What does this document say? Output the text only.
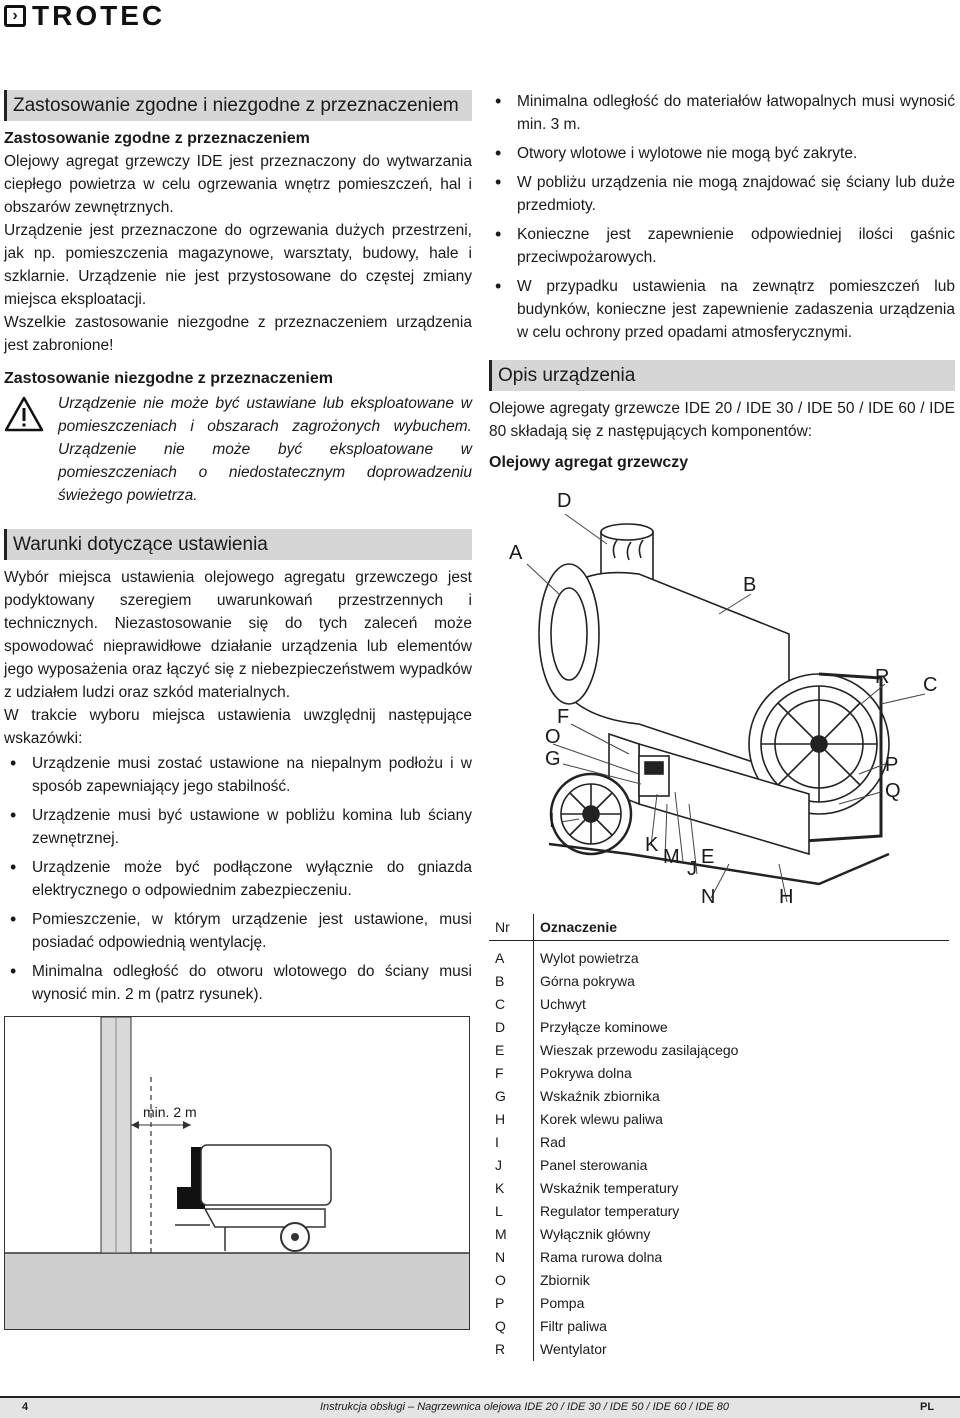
› TROTEC
Zastosowanie zgodne i niezgodne z przeznaczeniem
Zastosowanie zgodne z przeznaczeniem

Olejowy agregat grzewczy IDE jest przeznaczony do wytwarzania ciepłego powietrza w celu ogrzewania wnętrz pomieszczeń, hal i obszarów zewnętrznych.

Urządzenie jest przeznaczone do ogrzewania dużych przestrzeni, jak np. pomieszczenia magazynowe, warsztaty, budowy, hale i szklarnie. Urządzenie nie jest przystosowane do częstej zmiany miejsca eksploatacji.

Wszelkie zastosowanie niezgodne z przeznaczeniem urządzenia jest zabronione!

Zastosowanie niezgodne z przeznaczeniem
Urządzenie nie może być ustawiane lub eksploatowane w pomieszczeniach i obszarach zagrożonych wybuchem. Urządzenie nie może być eksploatowane w pomieszczeniach o niedostatecznym doprowadzeniu świeżego powietrza.
Warunki dotyczące ustawienia

Wybór miejsca ustawienia olejowego agregatu grzewczego jest podyktowany szeregiem uwarunkowań przestrzennych i technicznych. Niezastosowanie się do tych zaleceń może spowodować nieprawidłowe działanie urządzenia lub elementów jego wyposażenia oraz łączyć się z niebezpieczeństwem wypadków z udziałem ludzi oraz szkód materialnych.

W trakcie wyboru miejsca ustawienia uwzględnij następujące wskazówki:

• Urządzenie musi zostać ustawione na niepalnym podłożu i w sposób zapewniający jego stabilność.
• Urządzenie musi być ustawione w pobliżu komina lub ściany zewnętrznej.
• Urządzenie może być podłączone wyłącznie do gniazda elektrycznego o odpowiednim zabezpieczeniu.
• Pomieszczenie, w którym urządzenie jest ustawione, musi posiadać odpowiednią wentylację.
• Minimalna odległość do otworu wlotowego do ściany musi wynosić min. 2 m (patrz rysunek).
min. 2 m
• Minimalna odległość do materiałów łatwopalnych musi wynosić min. 3 m.
• Otwory wlotowe i wylotowe nie mogą być zakryte.
• W pobliżu urządzenia nie mogą znajdować się ściany lub duże przedmioty.
• Konieczne jest zapewnienie odpowiedniej ilości gaśnic przeciwpożarowych.
• W przypadku ustawienia na zewnątrz pomieszczeń lub budynków, konieczne jest zapewnienie zadaszenia urządzenia w celu ochrony przed opadami atmosferycznymi.
Opis urządzenia

Olejowe agregaty grzewcze IDE 20 / IDE 30 / IDE 50 / IDE 60 / IDE 80 składają się z następujących komponentów:

Olejowy agregat grzewczy
A
B
C
D
E
F
G
H
I
J
K
M
N
O
P
Q
R
Nr	Oznaczenie

A	Wylot powietrza
B	Górna pokrywa
C	Uchwyt
D	Przyłącze kominowe
E	Wieszak przewodu zasilającego
F	Pokrywa dolna
G	Wskaźnik zbiornika
H	Korek wlewu paliwa
I	Rad
J	Panel sterowania
K	Wskaźnik temperatury
L	Regulator temperatury
M	Wyłącznik główny
N	Rama rurowa dolna
O	Zbiornik
P	Pompa
Q	Filtr paliwa
R	Wentylator
4	Instrukcja obsługi – Nagrzewnica olejowa IDE 20 / IDE 30 / IDE 50 / IDE 60 / IDE 80	PL
